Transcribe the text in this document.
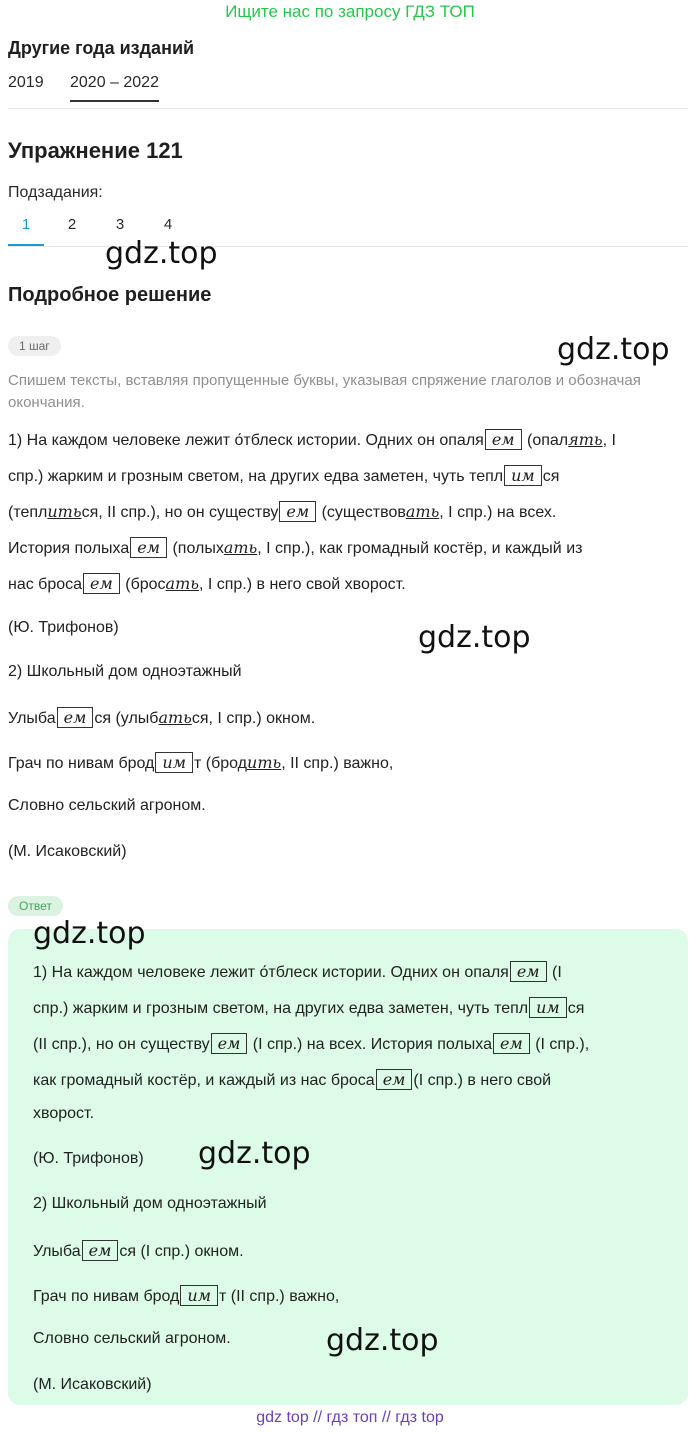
Ищите нас по запросу ГДЗ ТОП
Другие года изданий
2019 2020 – 2022
Упражнение 121
Подзадания:
1	2	3	4
gdz.top
Подробное решение
1 шаг	gdz.top
Спишем тексты, вставляя пропущенные буквы, указывая спряжение глаголов и обозначая окончания.
1) На каждом человеке лежит о́тблеск истории. Одних он опаля ем (опалять, I
спр.) жарким и грозным светом, на других едва заметен, чуть тепл им ся
(теплиться, II спр.), но он существу ем (существовать, I спр.) на всех.
История полыха ем (полыхать, I спр.), как громадный костёр, и каждый из
нас броса ем (бросать, I спр.) в него свой хворост.
(Ю. Трифонов)	gdz.top
2) Школьный дом одноэтажный
Улыба ем ся (улыбаться, I спр.) окном.
Грач по нивам брод им т (бродить, II спр.) важно,
Словно сельский агроном.
(М. Исаковский)
Ответ
gdz.top
1) На каждом человеке лежит о́тблеск истории. Одних он опаля ем (I
спр.) жарким и грозным светом, на других едва заметен, чуть тепл им ся
(II спр.), но он существу ем (I спр.) на всех. История полыха ем (I спр.),
как громадный костёр, и каждый из нас броса ем (I спр.) в него свой
хворост.
(Ю. Трифонов) gdz.top
2) Школьный дом одноэтажный
Улыба ем ся (I спр.) окном.
Грач по нивам брод им т (II спр.) важно,
Словно сельский агроном.	gdz.top
(М. Исаковский)
gdz top // гдз топ // гдз top
